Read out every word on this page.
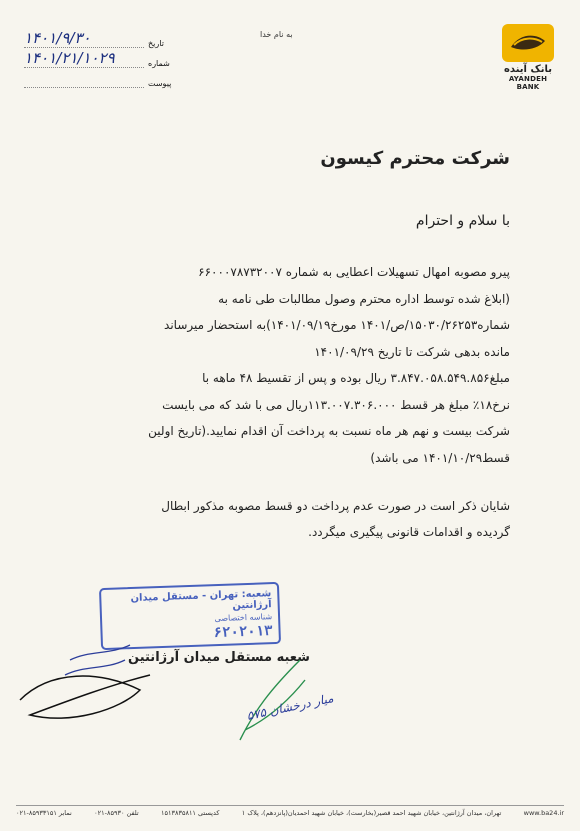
به نام خدا
۱۴۰۱/۹/۳۰	تاریخ
۱۴۰۱/۲۱/۱۰۲۹	شماره
پیوست
بانک آینده
AYANDEH BANK
شرکت محترم کیسون
با سلام و احترام

پیرو مصوبه امهال تسهیلات اعطایی به شماره ۶۶۰۰۰۷۸۷۳۲۰۰۷

(ابلاغ شده توسط اداره محترم وصول مطالبات طی نامه به

شماره۱۵۰۳۰/۲۶۲۵۳/ص/۱۴۰۱ مورخ۱۴۰۱/۰۹/۱۹)به استحضار میرساند

مانده بدهی شرکت تا تاریخ ۱۴۰۱/۰۹/۲۹

مبلغ۳.۸۴۷.۰۵۸.۵۴۹.۸۵۶ ریال بوده و پس از تقسیط ۴۸ ماهه با

نرخ۱۸٪ مبلغ هر قسط ۱۱۳.۰۰۷.۳۰۶.۰۰۰ریال می با شد که می بایست

شرکت بیست و نهم هر ماه نسبت به پرداخت آن اقدام نمایید.(تاریخ اولین

قسط۱۴۰۱/۱۰/۲۹ می باشد)

شایان ذکر است در صورت عدم پرداخت دو قسط مصوبه مذکور ابطال
گردیده و اقدامات قانونی پیگیری میگردد.
شعبه: تهران - مستقل میدان آرژانتین
شناسه اختصاصی
۶۲۰۲۰۱۳
شعبه مستقل میدان آرژانتین
میار درخشان ۵۷۵
www.ba24.ir
تهران، میدان آرژانتین، خیابان شهید احمد قصیر(بخارست)، خیابان شهید احمدیان(پانزدهم)، پلاک ۱
کدپستی ۱۵۱۳۸۳۵۸۱۱
تلفن ۸۵۹۳۰-۰۲۱
نمابر ۸۵۹۳۳۱۵۱-۰۲۱
